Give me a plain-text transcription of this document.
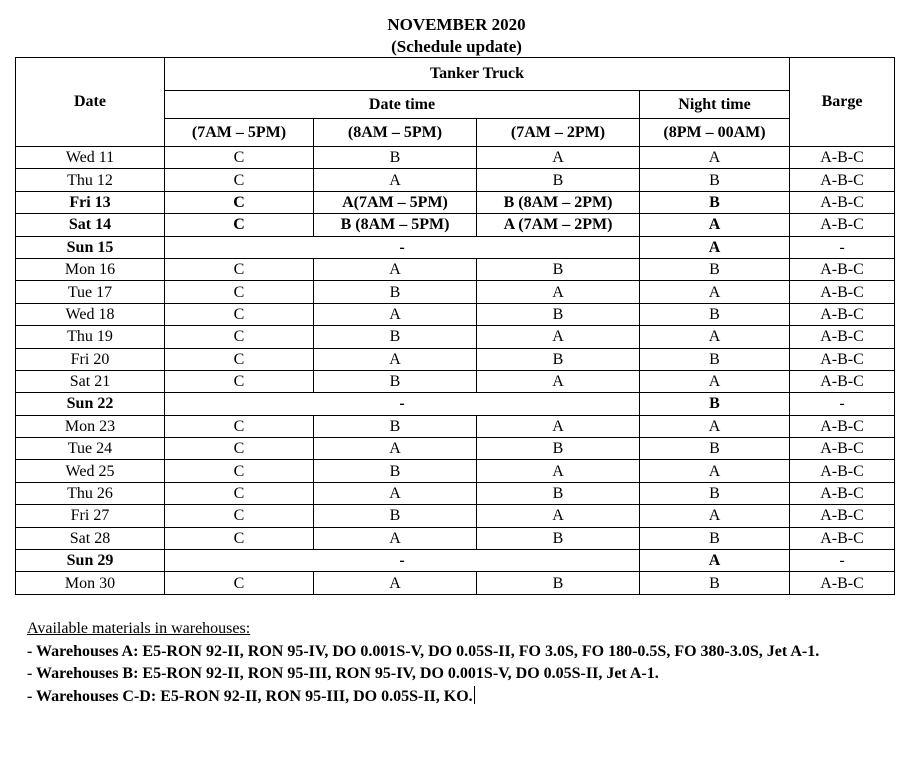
NOVEMBER 2020
(Schedule update)
Date	Tanker Truck				Barge
	Date time			Night time	
	(7AM – 5PM)	(8AM – 5PM)	(7AM – 2PM)	(8PM – 00AM)	
Wed 11	C	B	A	A	A-B-C
Thu 12	C	A	B	B	A-B-C
Fri 13	C	A(7AM – 5PM)	B (8AM – 2PM)	B	A-B-C
Sat 14	C	B (8AM – 5PM)	A (7AM – 2PM)	A	A-B-C
Sun 15	-			A	-
Mon 16	C	A	B	B	A-B-C
Tue 17	C	B	A	A	A-B-C
Wed 18	C	A	B	B	A-B-C
Thu 19	C	B	A	A	A-B-C
Fri 20	C	A	B	B	A-B-C
Sat 21	C	B	A	A	A-B-C
Sun 22	-			B	-
Mon 23	C	B	A	A	A-B-C
Tue 24	C	A	B	B	A-B-C
Wed 25	C	B	A	A	A-B-C
Thu 26	C	A	B	B	A-B-C
Fri 27	C	B	A	A	A-B-C
Sat 28	C	A	B	B	A-B-C
Sun 29	-			A	-
Mon 30	C	A	B	B	A-B-C
Available materials in warehouses:
- Warehouses A: E5-RON 92-II, RON 95-IV, DO 0.001S-V, DO 0.05S-II, FO 3.0S, FO 180-0.5S, FO 380-3.0S, Jet A-1.
- Warehouses B: E5-RON 92-II, RON 95-III, RON 95-IV, DO 0.001S-V, DO 0.05S-II, Jet A-1.
- Warehouses C-D: E5-RON 92-II, RON 95-III, DO 0.05S-II, KO.
